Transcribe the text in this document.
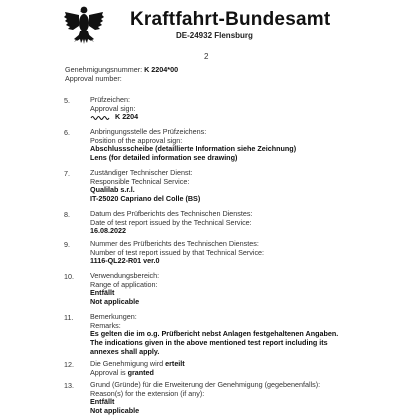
Kraftfahrt-Bundesamt
DE-24932 Flensburg
2
Genehmigungsnummer: K 2204*00
Approval number:
5.	Prüfzeichen:
Approval sign:
K 2204
6.	Anbringungsstelle des Prüfzeichens:
Position of the approval sign:
Abschlussscheibe (detaillierte Information siehe Zeichnung)
Lens (for detailed information see drawing)
7.	Zuständiger Technischer Dienst:
Responsible Technical Service:
Qualilab s.r.l.
IT-25020 Capriano del Colle (BS)
8.	Datum des Prüfberichts des Technischen Dienstes:
Date of test report issued by the Technical Service:
16.08.2022
9.	Nummer des Prüfberichts des Technischen Dienstes:
Number of test report issued by that Technical Service:
1116-QL22-R01 ver.0
10. Verwendungsbereich:
Range of application:
Entfällt
Not applicable
11. Bemerkungen:
Remarks:
Es gelten die im o.g. Prüfbericht nebst Anlagen festgehaltenen Angaben.
The indications given in the above mentioned test report including its
annexes shall apply.
12. Die Genehmigung wird erteilt
Approval is granted
13. Grund (Gründe) für die Erweiterung der Genehmigung (gegebenenfalls):
Reason(s) for the extension (if any):
Entfällt
Not applicable
